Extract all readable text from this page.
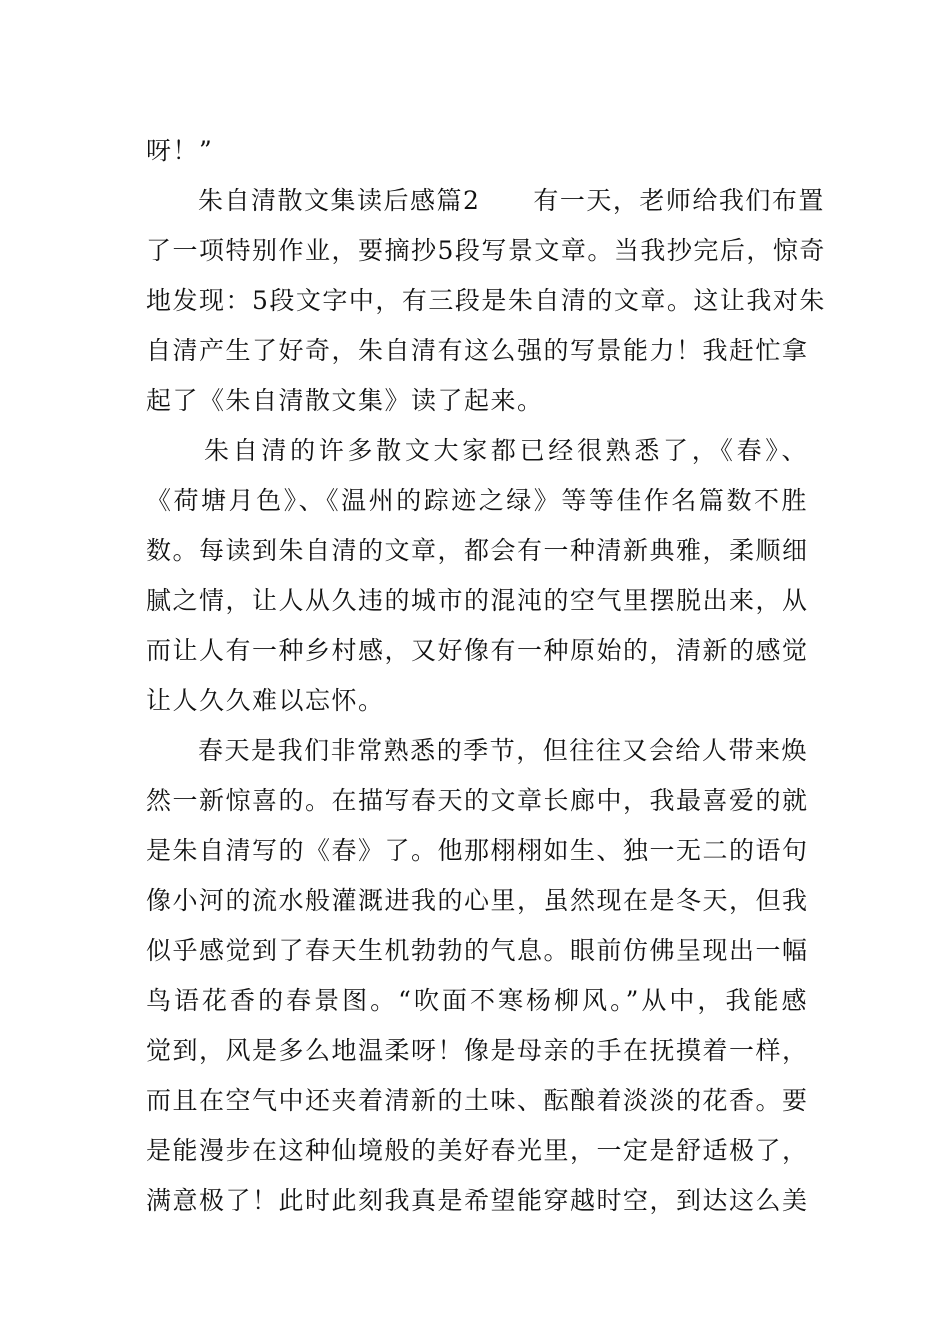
呀！”
朱自清散文集读后感篇2　　有一天，老师给我们布置
了一项特别作业，要摘抄5段写景文章。当我抄完后，惊奇
地发现：5段文字中，有三段是朱自清的文章。这让我对朱
自清产生了好奇，朱自清有这么强的写景能力！我赶忙拿
起了《朱自清散文集》读了起来。
朱自清的许多散文大家都已经很熟悉了，《春》、
《荷塘月色》、《温州的踪迹之绿》等等佳作名篇数不胜
数。每读到朱自清的文章，都会有一种清新典雅，柔顺细
腻之情，让人从久违的城市的混沌的空气里摆脱出来，从
而让人有一种乡村感，又好像有一种原始的，清新的感觉
让人久久难以忘怀。
春天是我们非常熟悉的季节，但往往又会给人带来焕
然一新惊喜的。在描写春天的文章长廊中，我最喜爱的就
是朱自清写的《春》了。他那栩栩如生、独一无二的语句
像小河的流水般灌溉进我的心里，虽然现在是冬天，但我
似乎感觉到了春天生机勃勃的气息。眼前仿佛呈现出一幅
鸟语花香的春景图。“吹面不寒杨柳风。”从中，我能感
觉到，风是多么地温柔呀！像是母亲的手在抚摸着一样，
而且在空气中还夹着清新的土味、酝酿着淡淡的花香。要
是能漫步在这种仙境般的美好春光里，一定是舒适极了，
满意极了！此时此刻我真是希望能穿越时空，到达这么美
